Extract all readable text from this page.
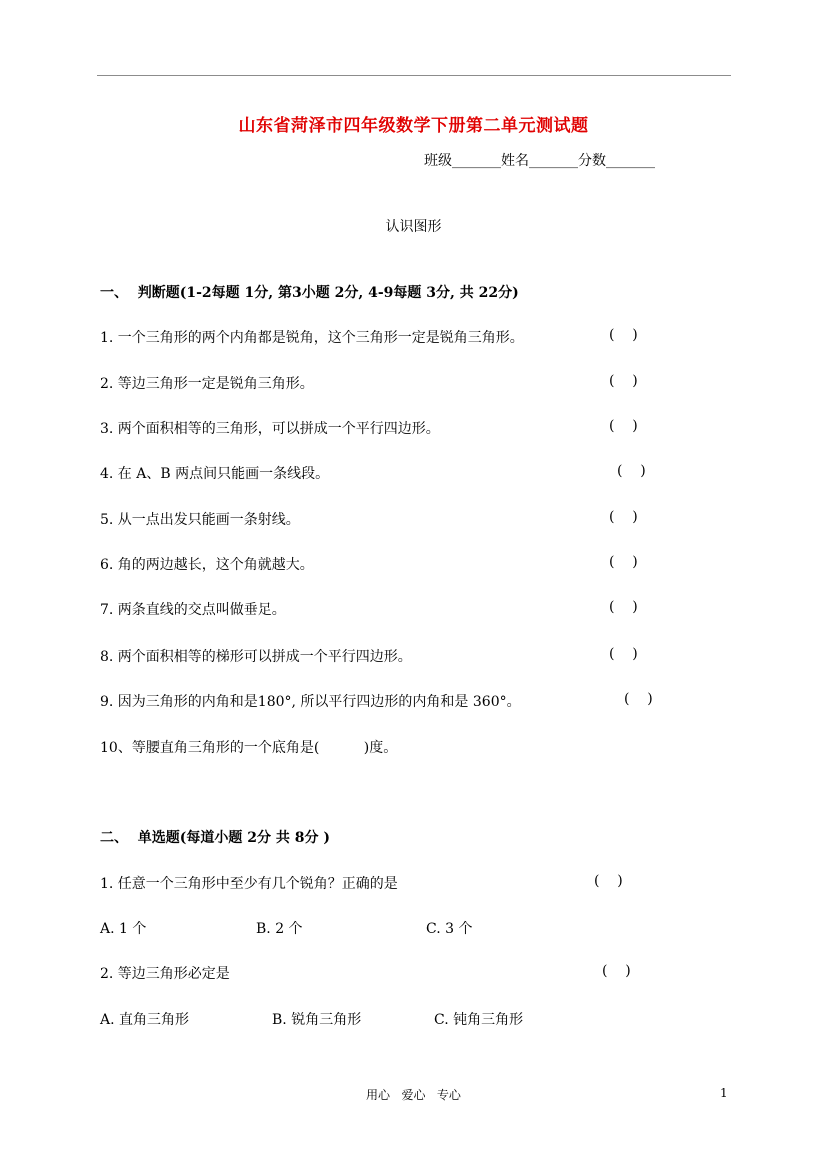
山东省菏泽市四年级数学下册第二单元测试题
班级_______姓名_______分数_______
认识图形
一、  判断题(1-2每题 1分, 第3小题 2分, 4-9每题 3分, 共 22分)
1. 一个三角形的两个内角都是锐角，这个三角形一定是锐角三角形。	(    )
2. 等边三角形一定是锐角三角形。	(    )
3. 两个面积相等的三角形，可以拼成一个平行四边形。	(    )
4. 在 A、B 两点间只能画一条线段。	(    )
5. 从一点出发只能画一条射线。	(    )
6. 角的两边越长，这个角就越大。	(    )
7. 两条直线的交点叫做垂足。	(    )
8. 两个面积相等的梯形可以拼成一个平行四边形。	(    )
9. 因为三角形的内角和是180°, 所以平行四边形的内角和是 360°。	(    )
10、等腰直角三角形的一个底角是(          )度。
二、  单选题(每道小题 2分 共 8分 )
1. 任意一个三角形中至少有几个锐角？正确的是	(    )
A. 1 个	B. 2 个	C. 3 个
2. 等边三角形必定是	(    )
A. 直角三角形	B. 锐角三角形	C. 钝角三角形
用心   爱心   专心	1
